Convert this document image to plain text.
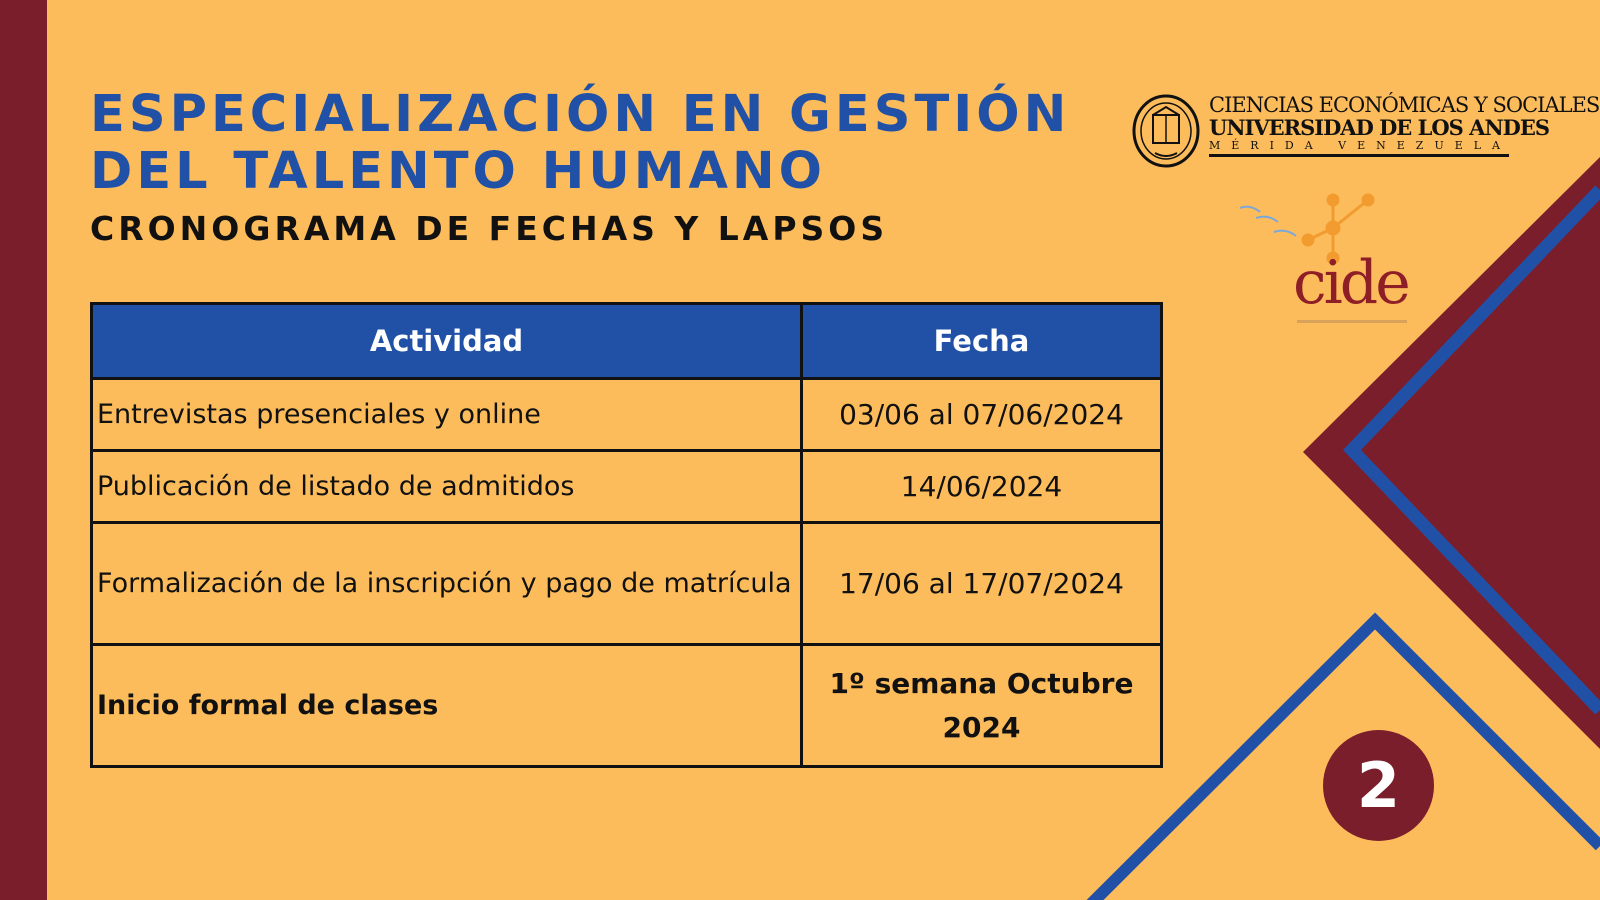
ESPECIALIZACIÓN EN GESTIÓN
DEL TALENTO HUMANO
CRONOGRAMA DE FECHAS Y LAPSOS
Actividad	Fecha
Entrevistas presenciales y online	03/06 al 07/06/2024
Publicación de listado de admitidos	14/06/2024
Formalización de la inscripción y pago de matrícula	17/06 al 17/07/2024
Inicio formal de clases	1º semana Octubre 2024
CIENCIAS ECONÓMICAS Y SOCIALES
UNIVERSIDAD DE LOS ANDES
MÉRIDA VENEZUELA
cide
2
